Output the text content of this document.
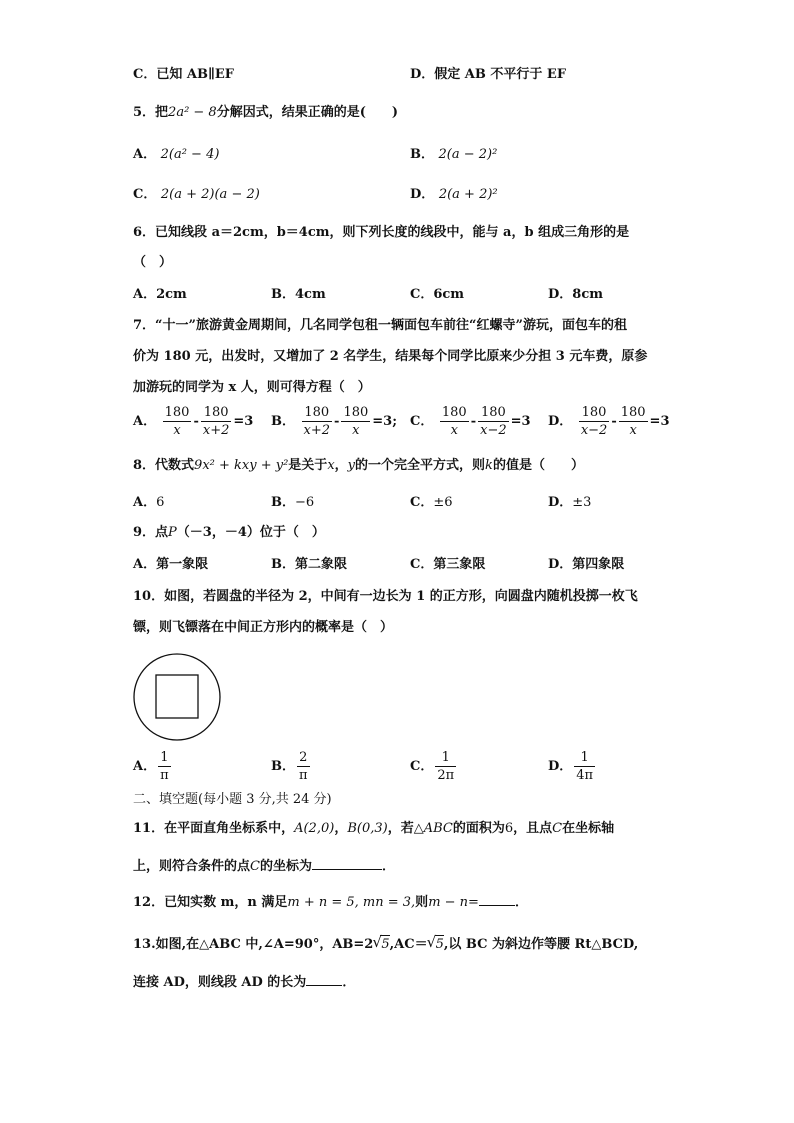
C．已知 AB∥EF	D．假定 AB 不平行于 EF
5．把2a² − 8分解因式，结果正确的是(　　)
A． 2(a² − 4)	B． 2(a − 2)²
C． 2(a + 2)(a − 2)	D． 2(a + 2)²
6．已知线段 a＝2cm，b＝4cm，则下列长度的线段中，能与 a，b 组成三角形的是
（　）
A．2cm	B．4cm	C．6cm	D．8cm
7．“十一”旅游黄金周期间，几名同学包租一辆面包车前往“红螺寺”游玩，面包车的租
价为 180 元，出发时，又增加了 2 名学生，结果每个同学比原来少分担 3 元车费，原参
加游玩的同学为 x 人，则可得方程（　）
A． $\frac{180}{x} - \frac{180}{x+2} =3$ B． $\frac{180}{x+2} - \frac{180}{x} =3$; C． $\frac{180}{x} - \frac{180}{x-2} =3$ D． $\frac{180}{x-2} - \frac{180}{x} =3$
8．代数式9x² + kxy + y²是关于x，y的一个完全平方式，则k的值是（　　）
A．6	B．−6	C．±6	D．±3
9．点P（－3，－4）位于（　）
A．第一象限	B．第二象限	C．第三象限	D．第四象限
10．如图，若圆盘的半径为 2，中间有一边长为 1 的正方形，向圆盘内随机投掷一枚飞
镖，则飞镖落在中间正方形内的概率是（　）
A． $\frac{1}{\pi}$	B． $\frac{2}{\pi}$	C． $\frac{1}{2\pi}$	D． $\frac{1}{4\pi}$
二、填空题(每小题 3 分,共 24 分)
11．在平面直角坐标系中，A(2,0)，B(0,3)，若△ABC的面积为6，且点C在坐标轴
上，则符合条件的点C的坐标为	．
12．已知实数 m，n 满足m + n = 5, mn = 3,则m − n=	．
13.如图,在△ABC 中,∠A=90°，AB=2 √ 5,AC＝ √ 5,以 BC 为斜边作等腰 Rt△BCD,
连接 AD，则线段 AD 的长为	．
